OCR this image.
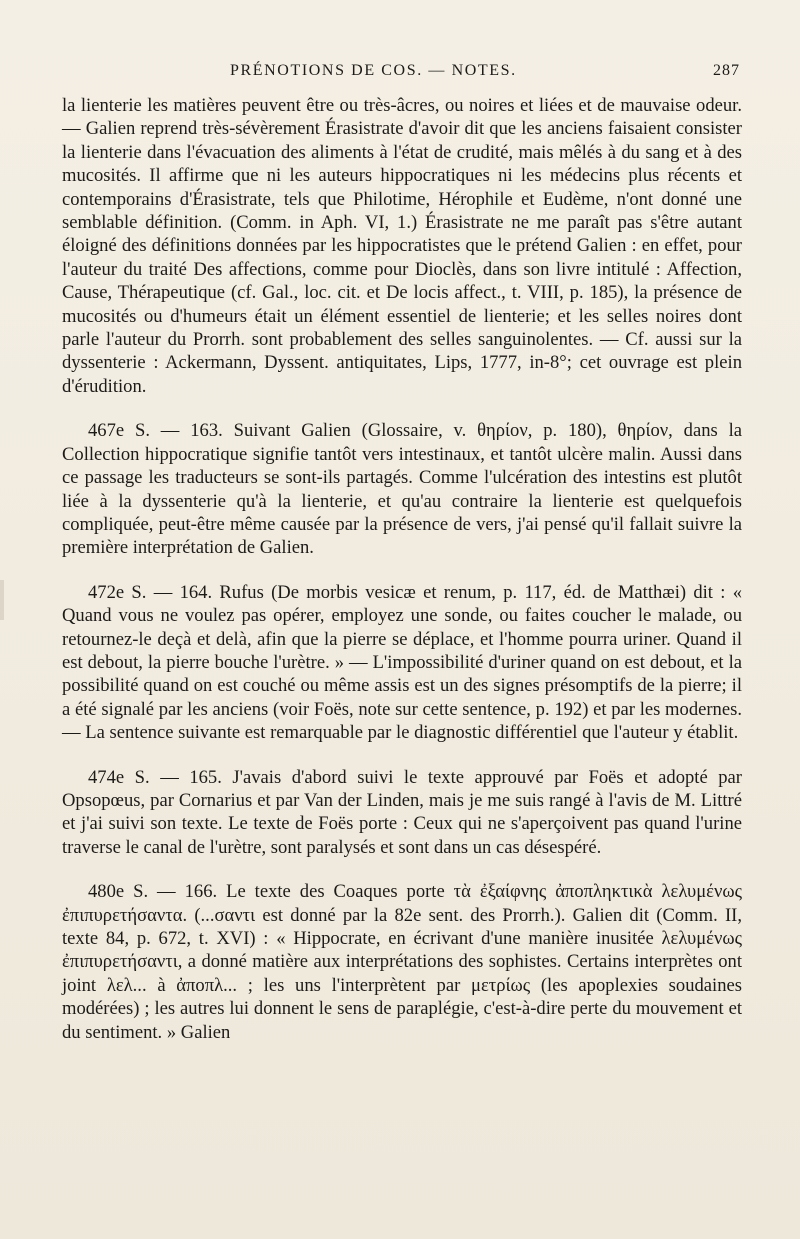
PRÉNOTIONS DE COS. — NOTES.	287

la lienterie les matières peuvent être ou très-âcres, ou noires et liées et de mauvaise odeur. — Galien reprend très-sévèrement Érasistrate d'avoir dit que les anciens faisaient consister la lienterie dans l'évacuation des aliments à l'état de crudité, mais mêlés à du sang et à des mucosités. Il affirme que ni les auteurs hippocratiques ni les médecins plus récents et contemporains d'Érasistrate, tels que Philotime, Hérophile et Eudème, n'ont donné une semblable définition. (Comm. in Aph. VI, 1.) Érasistrate ne me paraît pas s'être autant éloigné des définitions données par les hippocratistes que le prétend Galien : en effet, pour l'auteur du traité Des affections, comme pour Dioclès, dans son livre intitulé : Affection, Cause, Thérapeutique (cf. Gal., loc. cit. et De locis affect., t. VIII, p. 185), la présence de mucosités ou d'humeurs était un élément essentiel de lienterie; et les selles noires dont parle l'auteur du Prorrh. sont probablement des selles sanguinolentes. — Cf. aussi sur la dyssenterie : Ackermann, Dyssent. antiquitates, Lips, 1777, in-8°; cet ouvrage est plein d'érudition.

467e S. — 163. Suivant Galien (Glossaire, v. θηρίον, p. 180), θηρίον, dans la Collection hippocratique signifie tantôt vers intestinaux, et tantôt ulcère malin. Aussi dans ce passage les traducteurs se sont-ils partagés. Comme l'ulcération des intestins est plutôt liée à la dyssenterie qu'à la lienterie, et qu'au contraire la lienterie est quelquefois compliquée, peut-être même causée par la présence de vers, j'ai pensé qu'il fallait suivre la première interprétation de Galien.

472e S. — 164. Rufus (De morbis vesicæ et renum, p. 117, éd. de Matthæi) dit : « Quand vous ne voulez pas opérer, employez une sonde, ou faites coucher le malade, ou retournez-le deçà et delà, afin que la pierre se déplace, et l'homme pourra uriner. Quand il est debout, la pierre bouche l'urètre. » — L'impossibilité d'uriner quand on est debout, et la possibilité quand on est couché ou même assis est un des signes présomptifs de la pierre; il a été signalé par les anciens (voir Foës, note sur cette sentence, p. 192) et par les modernes. — La sentence suivante est remarquable par le diagnostic différentiel que l'auteur y établit.

474e S. — 165. J'avais d'abord suivi le texte approuvé par Foës et adopté par Opsopœus, par Cornarius et par Van der Linden, mais je me suis rangé à l'avis de M. Littré et j'ai suivi son texte. Le texte de Foës porte : Ceux qui ne s'aperçoivent pas quand l'urine traverse le canal de l'urètre, sont paralysés et sont dans un cas désespéré.

480e S. — 166. Le texte des Coaques porte τὰ ἐξαίφνης ἀποπληκτικὰ λελυμένως ἐπιπυρετήσαντα. (...σαντι est donné par la 82e sent. des Prorrh.). Galien dit (Comm. II, texte 84, p. 672, t. XVI) : « Hippocrate, en écrivant d'une manière inusitée λελυμένως ἐπιπυρετήσαντι, a donné matière aux interprétations des sophistes. Certains interprètes ont joint λελ... à ἀποπλ... ; les uns l'interprètent par μετρίως (les apoplexies soudaines modérées) ; les autres lui donnent le sens de paraplégie, c'est-à-dire perte du mouvement et du sentiment. » Galien
